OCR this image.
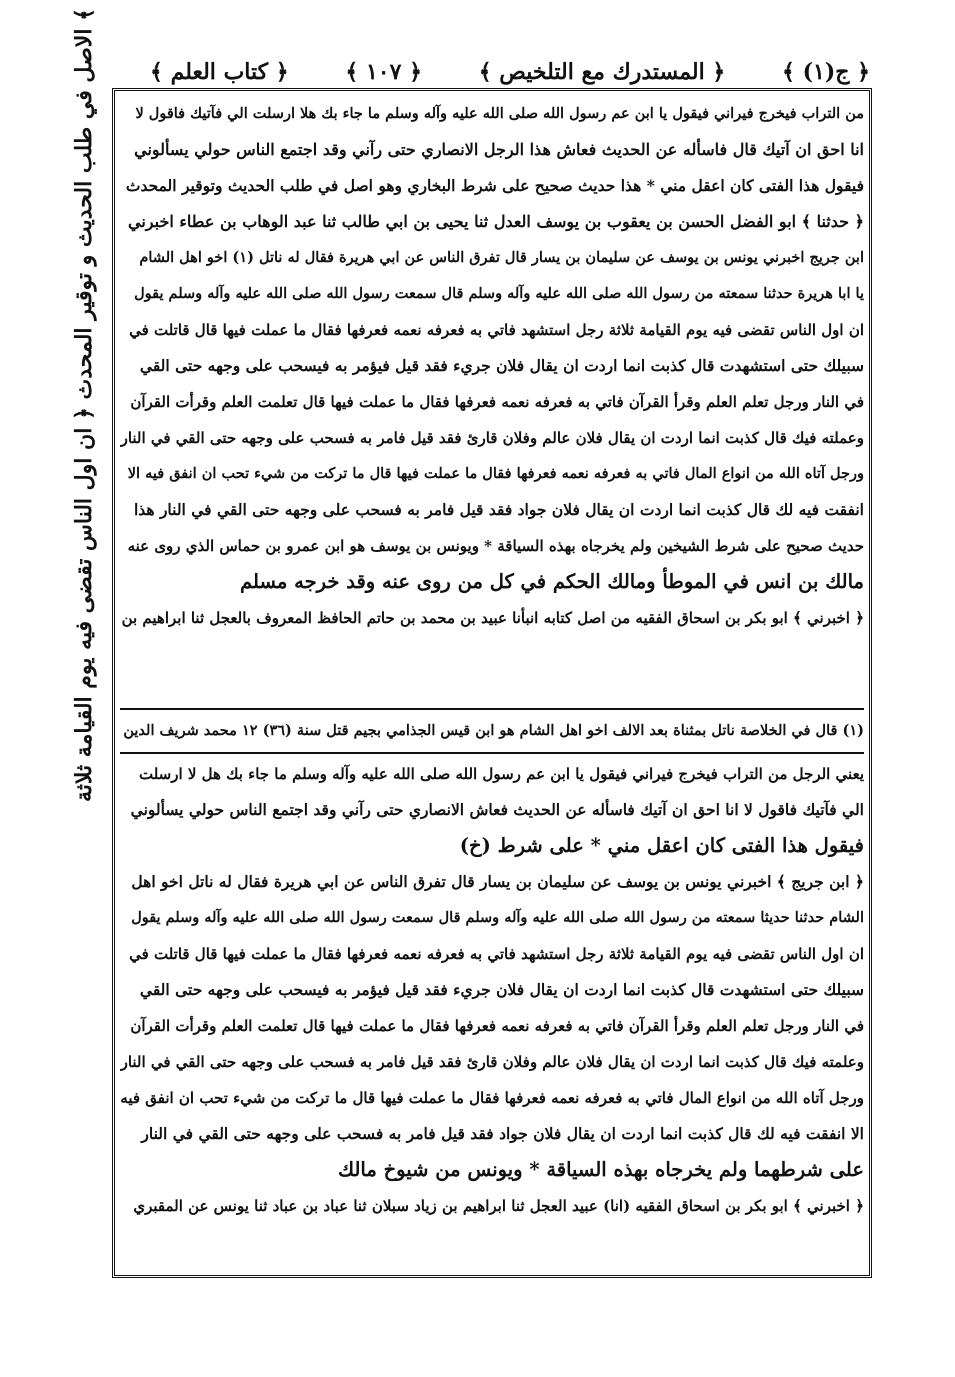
﴿ ج(١) ﴾
﴿ المستدرك مع التلخيص ﴾
﴿ ١٠٧ ﴾
﴿ كتاب العلم ﴾
الاصل في طلب الحديث و توقير المحدث ﴿ ان اول الناس تقضى فيه يوم القيامة ثلاثة ﴾
من التراب فيخرج فيراني فيقول يا ابن عم رسول الله صلى الله عليه وآله وسلم ما جاء بك هلا ارسلت الي فآتيك فاقول لا
انا احق ان آتيك قال فاسأله عن الحديث فعاش هذا الرجل الانصاري حتى رآني وقد اجتمع الناس حولي يسألوني
فيقول هذا الفتى كان اعقل مني * هذا حديث صحيح على شرط البخاري وهو اصل في طلب الحديث وتوقير المحدث
﴿ حدثنا ﴾ ابو الفضل الحسن بن يعقوب بن يوسف العدل ثنا يحيى بن ابي طالب ثنا عبد الوهاب بن عطاء اخبرني
ابن جريج اخبرني يونس بن يوسف عن سليمان بن يسار قال تفرق الناس عن ابي هريرة فقال له ناتل (١) اخو اهل الشام
يا ابا هريرة حدثنا سمعته من رسول الله صلى الله عليه وآله وسلم قال سمعت رسول الله صلى الله عليه وآله وسلم يقول
ان اول الناس تقضى فيه يوم القيامة ثلاثة رجل استشهد فاتي به فعرفه نعمه فعرفها فقال ما عملت فيها قال قاتلت في
سبيلك حتى استشهدت قال كذبت انما اردت ان يقال فلان جريء فقد قيل فيؤمر به فيسحب على وجهه حتى القي
في النار ورجل تعلم العلم وقرأ القرآن فاتي به فعرفه نعمه فعرفها فقال ما عملت فيها قال تعلمت العلم وقرأت القرآن
وعملته فيك قال كذبت انما اردت ان يقال فلان عالم وفلان قارئ فقد قيل فامر به فسحب على وجهه حتى القي في النار
ورجل آتاه الله من انواع المال فاتي به فعرفه نعمه فعرفها فقال ما عملت فيها قال ما تركت من شيء تحب ان انفق فيه الا
انفقت فيه لك قال كذبت انما اردت ان يقال فلان جواد فقد قيل فامر به فسحب على وجهه حتى القي في النار هذا
حديث صحيح على شرط الشيخين ولم يخرجاه بهذه السياقة * ويونس بن يوسف هو ابن عمرو بن حماس الذي روى عنه
مالك بن انس في الموطأ ومالك الحكم في كل من روى عنه وقد خرجه مسلم
﴿ اخبرني ﴾ ابو بكر بن اسحاق الفقيه من اصل كتابه انبأنا عبيد بن محمد بن حاتم الحافظ المعروف بالعجل ثنا ابراهيم بن
(١) قال في الخلاصة ناتل بمثناة بعد الالف اخو اهل الشام هو ابن قيس الجذامي بجيم قتل سنة (٣٦) ١٢ محمد شريف الدين
يعني الرجل من التراب فيخرج فيراني فيقول يا ابن عم رسول الله صلى الله عليه وآله وسلم ما جاء بك هل لا ارسلت
الي فآتيك فاقول لا انا احق ان آتيك فاسأله عن الحديث فعاش الانصاري حتى رآني وقد اجتمع الناس حولي يسألوني
فيقول هذا الفتى كان اعقل مني * على شرط (خ)
﴿ ابن جريج ﴾ اخبرني يونس بن يوسف عن سليمان بن يسار قال تفرق الناس عن ابي هريرة فقال له ناتل اخو اهل
الشام حدثنا حديثا سمعته من رسول الله صلى الله عليه وآله وسلم قال سمعت رسول الله صلى الله عليه وآله وسلم يقول
ان اول الناس تقضى فيه يوم القيامة ثلاثة رجل استشهد فاتي به فعرفه نعمه فعرفها فقال ما عملت فيها قال قاتلت في
سبيلك حتى استشهدت قال كذبت انما اردت ان يقال فلان جريء فقد قيل فيؤمر به فيسحب على وجهه حتى القي
في النار ورجل تعلم العلم وقرأ القرآن فاتي به فعرفه نعمه فعرفها فقال ما عملت فيها قال تعلمت العلم وقرأت القرآن
وعلمته فيك قال كذبت انما اردت ان يقال فلان عالم وفلان قارئ فقد قيل فامر به فسحب على وجهه حتى القي في النار
ورجل آتاه الله من انواع المال فاتي به فعرفه نعمه فعرفها فقال ما عملت فيها قال ما تركت من شيء تحب ان انفق فيه
الا انفقت فيه لك قال كذبت انما اردت ان يقال فلان جواد فقد قيل فامر به فسحب على وجهه حتى القي في النار
على شرطهما ولم يخرجاه بهذه السياقة * ويونس من شيوخ مالك
﴿ اخبرني ﴾ ابو بكر بن اسحاق الفقيه (انا) عبيد العجل ثنا ابراهيم بن زياد سبلان ثنا عباد بن عباد ثنا يونس عن المقبري
